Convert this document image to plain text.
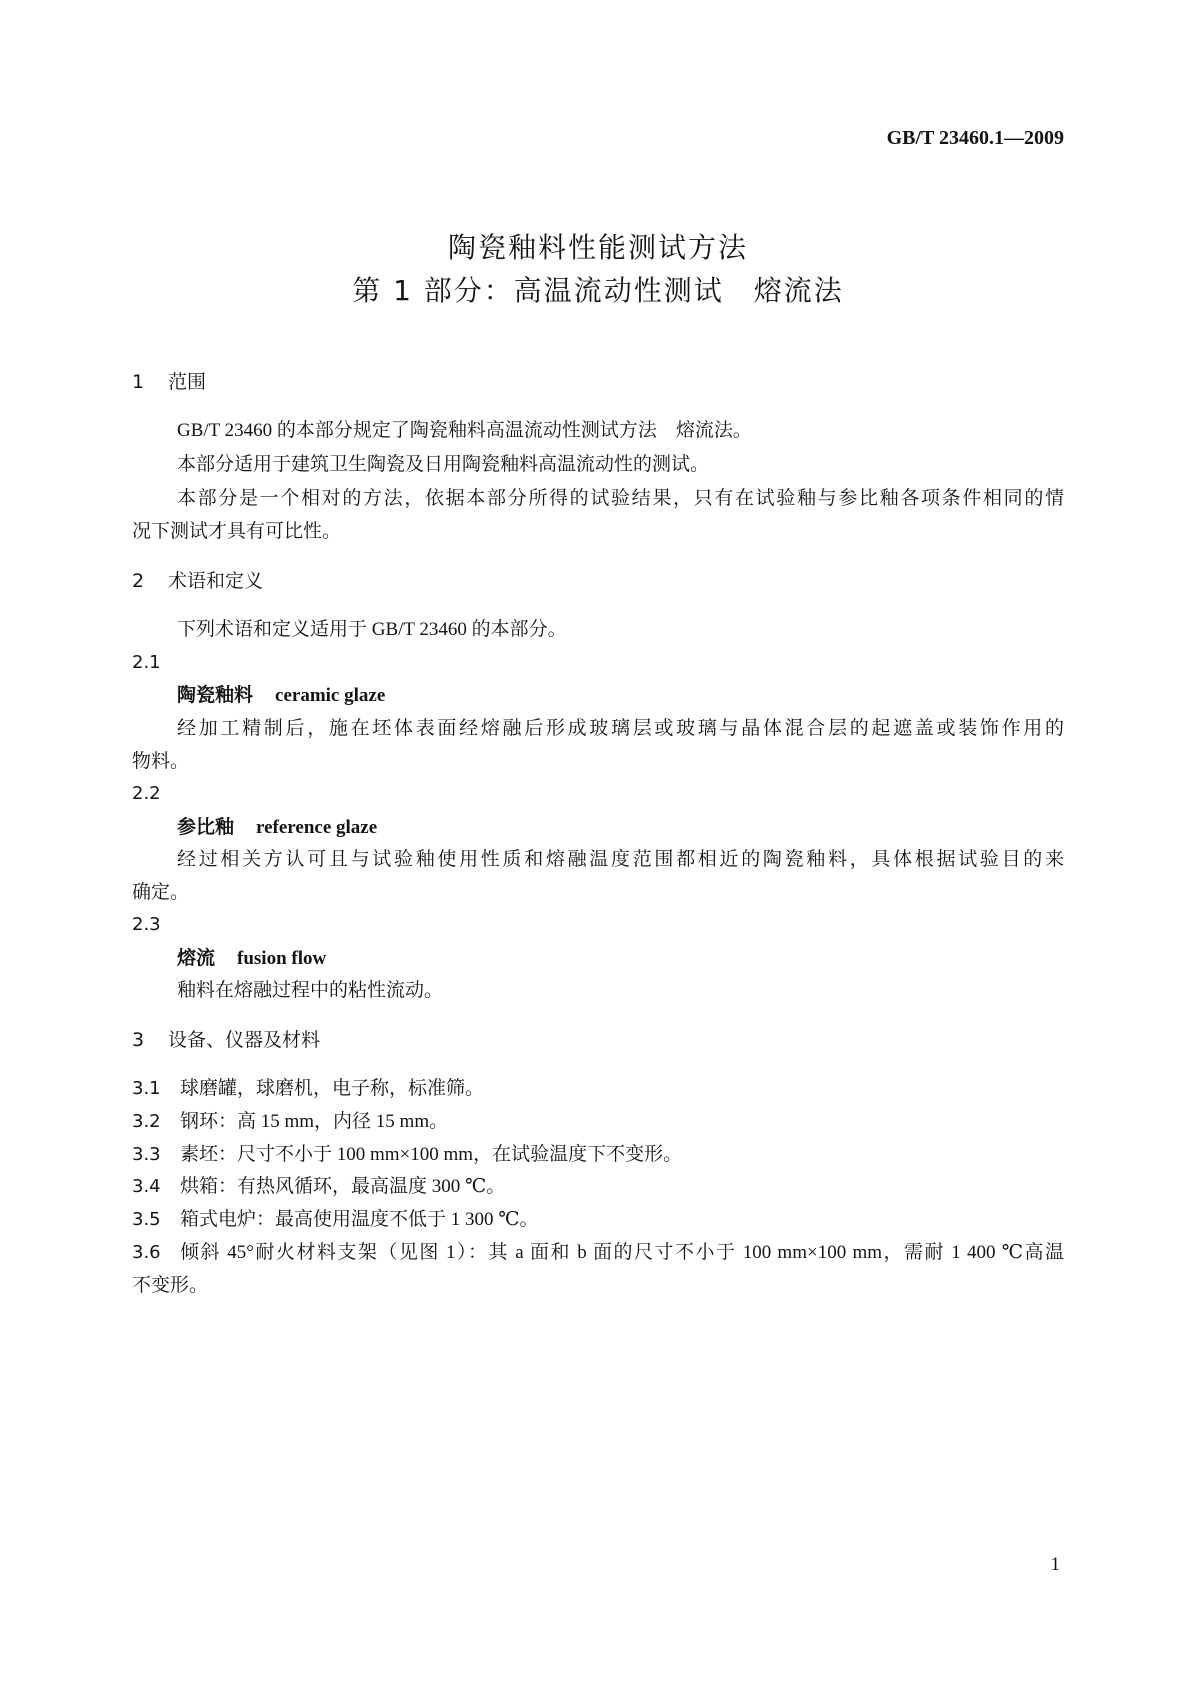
GB/T 23460.1—2009
陶瓷釉料性能测试方法
第 1 部分：高温流动性测试　熔流法
1 范围
GB/T 23460 的本部分规定了陶瓷釉料高温流动性测试方法　熔流法。
本部分适用于建筑卫生陶瓷及日用陶瓷釉料高温流动性的测试。
本部分是一个相对的方法，依据本部分所得的试验结果，只有在试验釉与参比釉各项条件相同的情
况下测试才具有可比性。
2 术语和定义
下列术语和定义适用于 GB/T 23460 的本部分。
2.1
陶瓷釉料 ceramic glaze
经加工精制后，施在坯体表面经熔融后形成玻璃层或玻璃与晶体混合层的起遮盖或装饰作用的
物料。
2.2
参比釉 reference glaze
经过相关方认可且与试验釉使用性质和熔融温度范围都相近的陶瓷釉料，具体根据试验目的来
确定。
2.3
熔流 fusion flow
釉料在熔融过程中的粘性流动。
3 设备、仪器及材料
3.1 球磨罐，球磨机，电子称，标准筛。
3.2 钢环：高 15 mm，内径 15 mm。
3.3 素坯：尺寸不小于 100 mm×100 mm，在试验温度下不变形。
3.4 烘箱：有热风循环，最高温度 300 ℃。
3.5 箱式电炉：最高使用温度不低于 1 300 ℃。
3.6 倾斜 45°耐火材料支架（见图 1）：其 a 面和 b 面的尺寸不小于 100 mm×100 mm，需耐 1 400 ℃高温
不变形。
1
